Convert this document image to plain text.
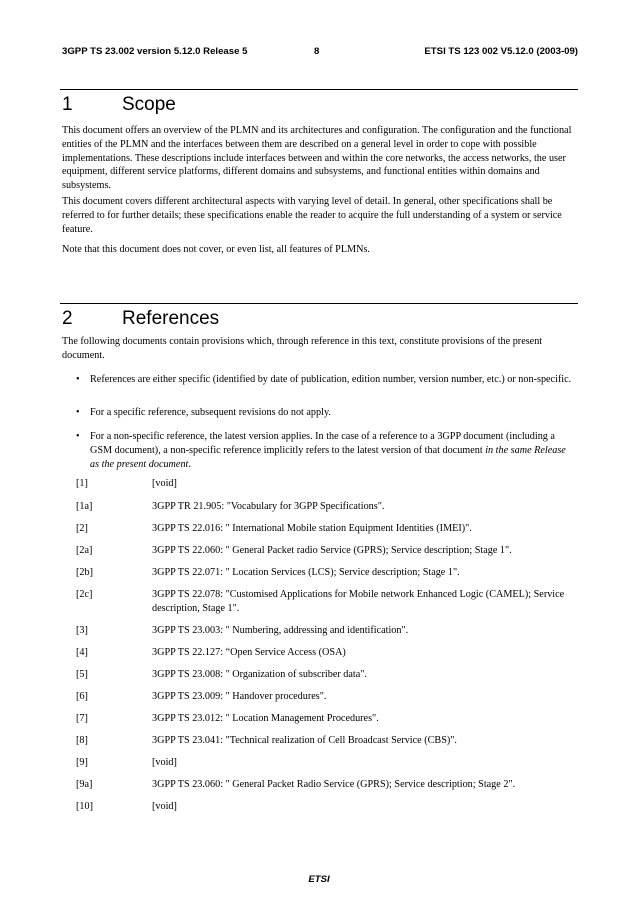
3GPP TS 23.002 version 5.12.0 Release 5	8	ETSI TS 123 002 V5.12.0 (2003-09)
1	Scope

This document offers an overview of the PLMN and its architectures and configuration. The configuration and the functional entities of the PLMN and the interfaces between them are described on a general level in order to cope with possible implementations. These descriptions include interfaces between and within the core networks, the access networks, the user equipment, different service platforms, different domains and subsystems, and functional entities within domains and subsystems.

This document covers different architectural aspects with varying level of detail. In general, other specifications shall be referred to for further details; these specifications enable the reader to acquire the full understanding of a system or service feature.

Note that this document does not cover, or even list, all features of PLMNs.

2	References

The following documents contain provisions which, through reference in this text, constitute provisions of the present document.

• References are either specific (identified by date of publication, edition number, version number, etc.) or non-specific.
• For a specific reference, subsequent revisions do not apply.
• For a non-specific reference, the latest version applies. In the case of a reference to a 3GPP document (including a GSM document), a non-specific reference implicitly refers to the latest version of that document in the same Release as the present document.
[1]	[void]
[1a]	3GPP TR 21.905: "Vocabulary for 3GPP Specifications".
[2]	3GPP TS 22.016: " International Mobile station Equipment Identities (IMEI)".
[2a]	3GPP TS 22.060: " General Packet radio Service (GPRS); Service description; Stage 1".
[2b]	3GPP TS 22.071: " Location Services (LCS); Service description; Stage 1".
[2c]	3GPP TS 22.078: "Customised Applications for Mobile network Enhanced Logic (CAMEL); Service description, Stage 1".
[3]	3GPP TS 23.003: " Numbering, addressing and identification".
[4]	3GPP TS 22.127: “Open Service Access (OSA)
[5]	3GPP TS 23.008: " Organization of subscriber data".
[6]	3GPP TS 23.009: " Handover procedures".
[7]	3GPP TS 23.012: " Location Management Procedures".
[8]	3GPP TS 23.041: "Technical realization of Cell Broadcast Service (CBS)".
[9]	[void]
[9a]	3GPP TS 23.060: " General Packet Radio Service (GPRS); Service description; Stage 2".
[10]	[void]
ETSI
